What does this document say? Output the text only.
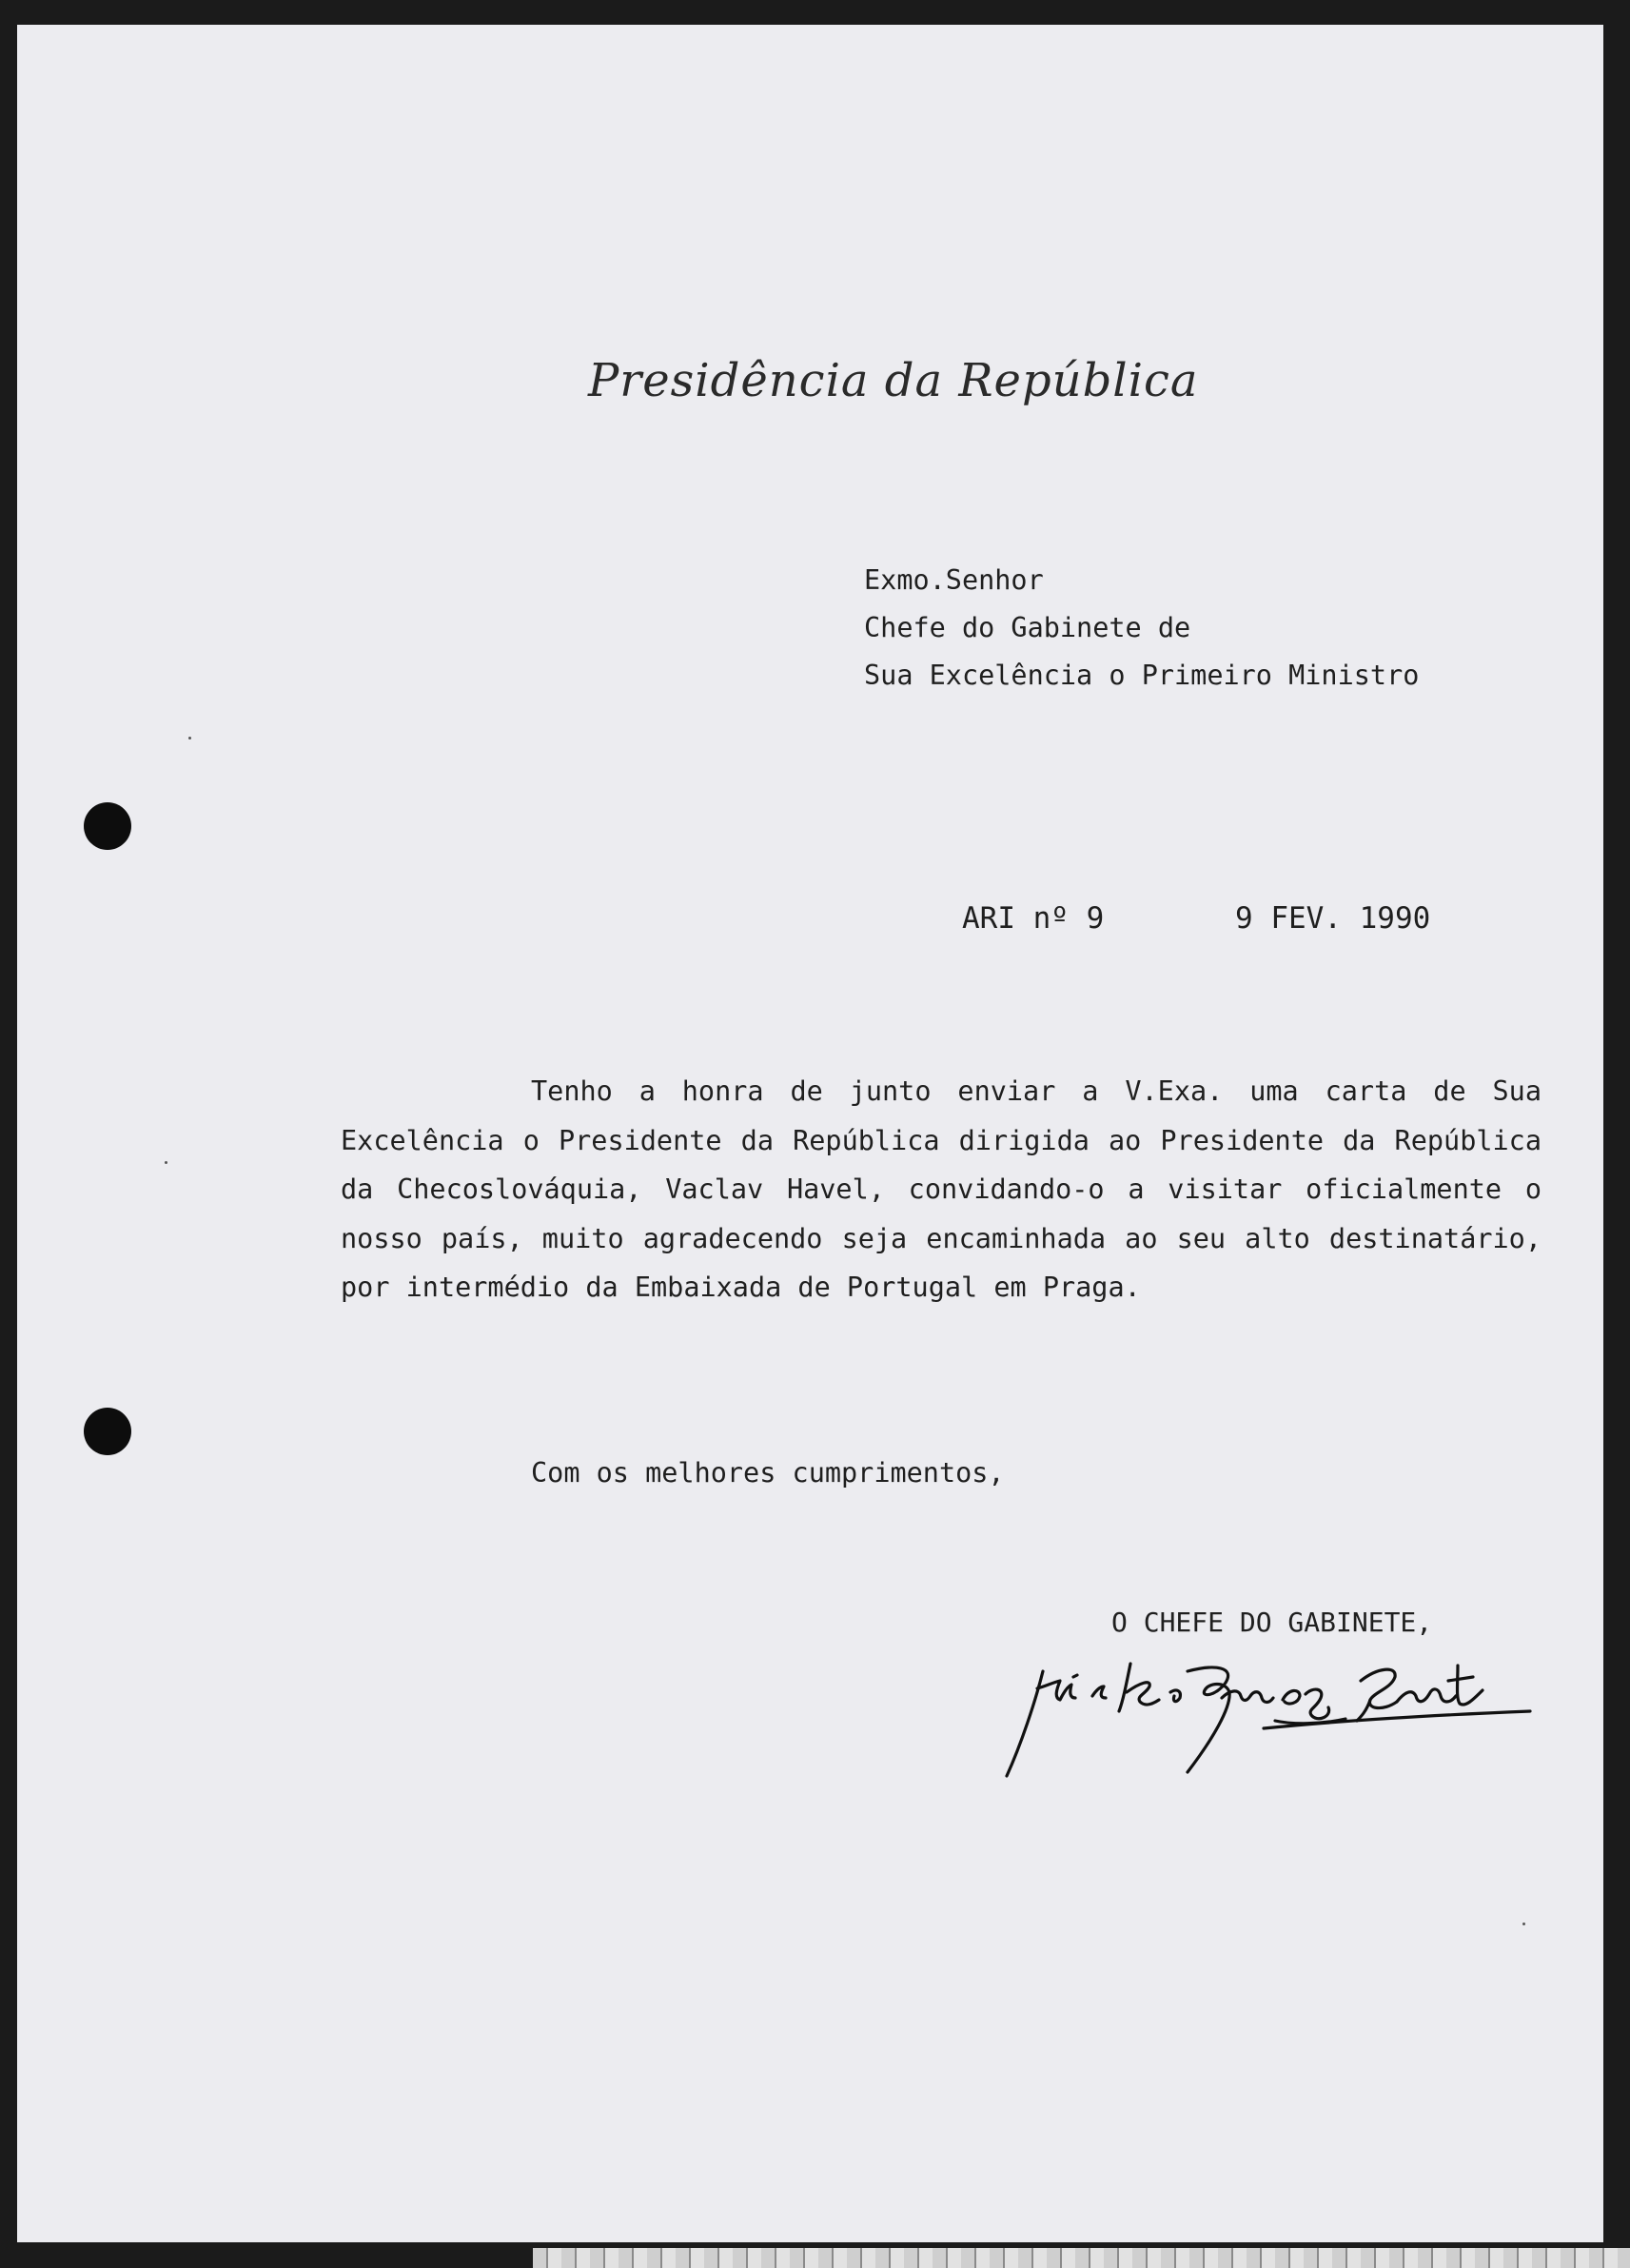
Presidência da República
Exmo.Senhor
Chefe do Gabinete de
Sua Excelência o Primeiro Ministro
ARI nº 9	9 FEV. 1990

Tenho a honra de junto enviar a V.Exa. uma carta de Sua Excelência o Presidente da República dirigida ao Presidente da República da Checoslováquia, Vaclav Havel, convidando-o a visitar oficialmente o nosso país, muito agradecendo seja encaminhada ao seu alto destinatário, por intermédio da Embaixada de Portugal em Praga.

Com os melhores cumprimentos,
O CHEFE DO GABINETE,
